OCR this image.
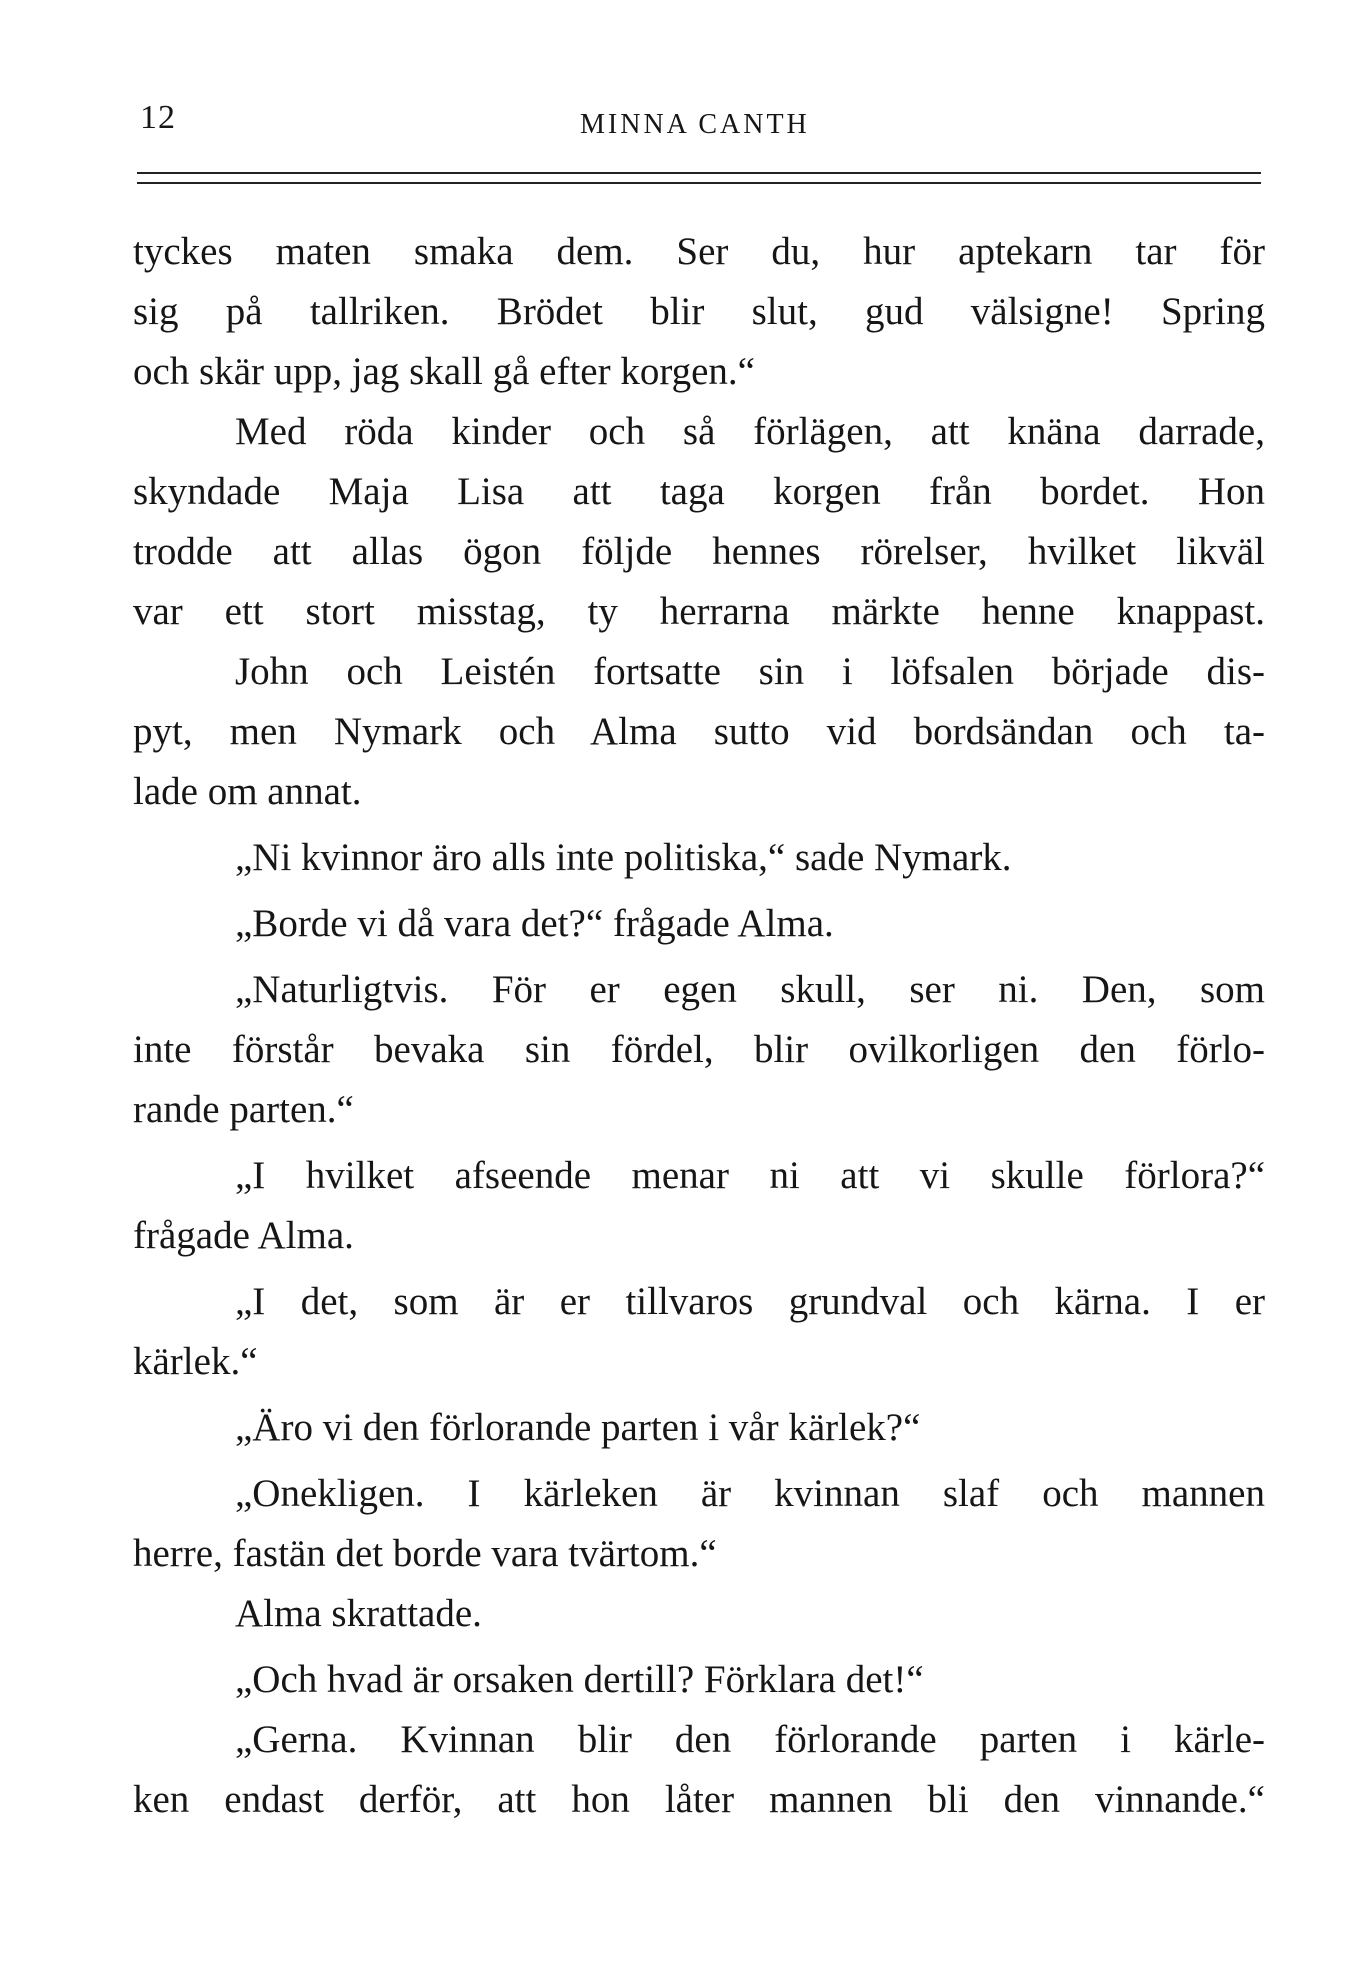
12	MINNA CANTH
tyckes maten smaka dem. Ser du, hur aptekarn tar för
sig på tallriken. Brödet blir slut, gud välsigne! Spring
och skär upp, jag skall gå efter korgen.“
Med röda kinder och så förlägen, att knäna darrade,
skyndade Maja Lisa att taga korgen från bordet. Hon
trodde att allas ögon följde hennes rörelser, hvilket likväl
var ett stort misstag, ty herrarna märkte henne knappast.
John och Leistén fortsatte sin i löfsalen började dis-
pyt, men Nymark och Alma sutto vid bordsändan och ta-
lade om annat.
„Ni kvinnor äro alls inte politiska,“ sade Nymark.
„Borde vi då vara det?“ frågade Alma.
„Naturligtvis. För er egen skull, ser ni. Den, som
inte förstår bevaka sin fördel, blir ovilkorligen den förlo-
rande parten.“
„I hvilket afseende menar ni att vi skulle förlora?“
frågade Alma.
„I det, som är er tillvaros grundval och kärna. I er
kärlek.“
„Äro vi den förlorande parten i vår kärlek?“
„Onekligen. I kärleken är kvinnan slaf och mannen
herre, fastän det borde vara tvärtom.“
Alma skrattade.
„Och hvad är orsaken dertill? Förklara det!“
„Gerna. Kvinnan blir den förlorande parten i kärle-
ken endast derför, att hon låter mannen bli den vinnande.“
